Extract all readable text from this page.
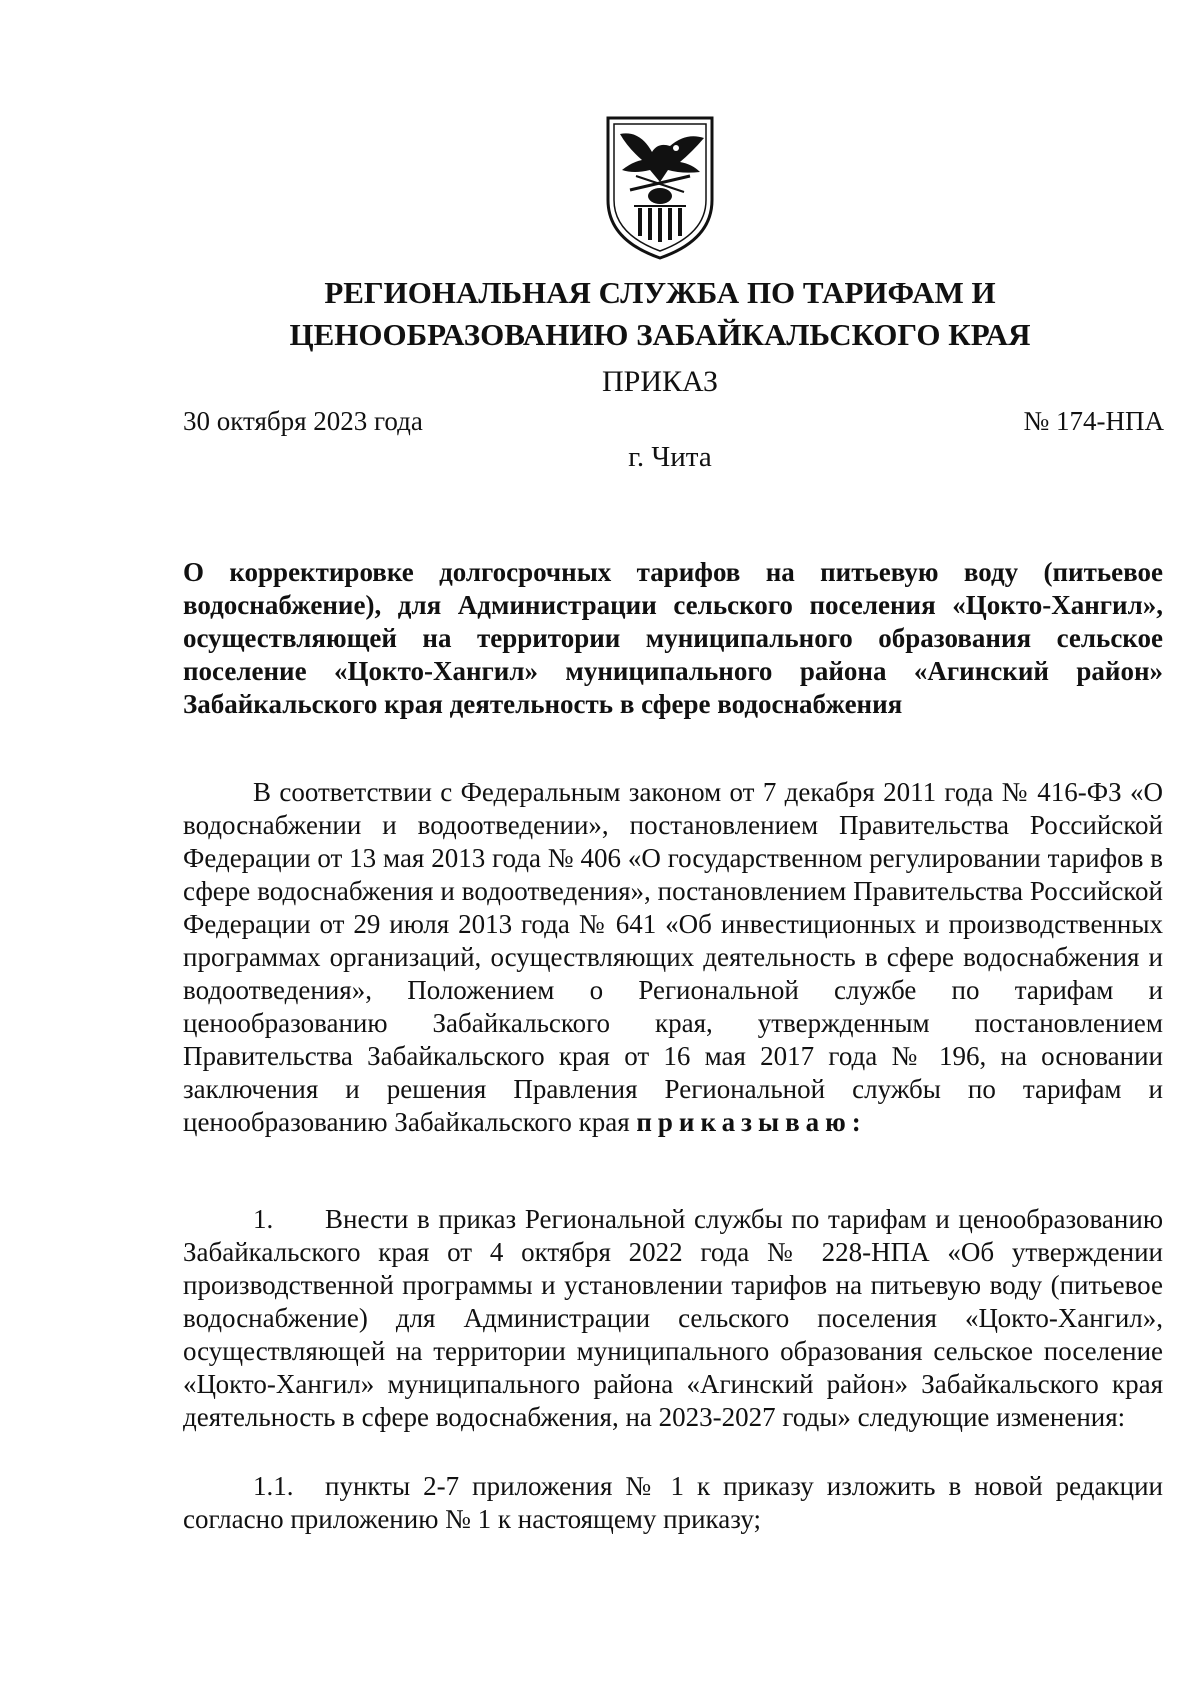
РЕГИОНАЛЬНАЯ СЛУЖБА ПО ТАРИФАМ И
ЦЕНООБРАЗОВАНИЮ ЗАБАЙКАЛЬСКОГО КРАЯ
ПРИКАЗ
30 октября 2023 года	№ 174-НПА
г. Чита
О корректировке долгосрочных тарифов на питьевую воду (питьевое водоснабжение), для Администрации сельского поселения «Цокто-Хангил», осуществляющей на территории муниципального образования сельское поселение «Цокто-Хангил» муниципального района «Агинский район» Забайкальского края деятельность в сфере водоснабжения
В соответствии с Федеральным законом от 7 декабря 2011 года № 416-ФЗ «О водоснабжении и водоотведении», постановлением Правительства Российской Федерации от 13 мая 2013 года № 406 «О государственном регулировании тарифов в сфере водоснабжения и водоотведения», постановлением Правительства Российской Федерации от 29 июля 2013 года № 641 «Об инвестиционных и производственных программах организаций, осуществляющих деятельность в сфере водоснабжения и водоотведения», Положением о Региональной службе по тарифам и ценообразованию Забайкальского края, утвержденным постановлением Правительства Забайкальского края от 16 мая 2017 года № 196, на основании заключения и решения Правления Региональной службы по тарифам и ценообразованию Забайкальского края приказываю:
1. Внести в приказ Региональной службы по тарифам и ценообразованию Забайкальского края от 4 октября 2022 года № 228-НПА «Об утверждении производственной программы и установлении тарифов на питьевую воду (питьевое водоснабжение) для Администрации сельского поселения «Цокто-Хангил», осуществляющей на территории муниципального образования сельское поселение «Цокто-Хангил» муниципального района «Агинский район» Забайкальского края деятельность в сфере водоснабжения, на 2023-2027 годы» следующие изменения:
1.1. пункты 2-7 приложения № 1 к приказу изложить в новой редакции согласно приложению № 1 к настоящему приказу;
